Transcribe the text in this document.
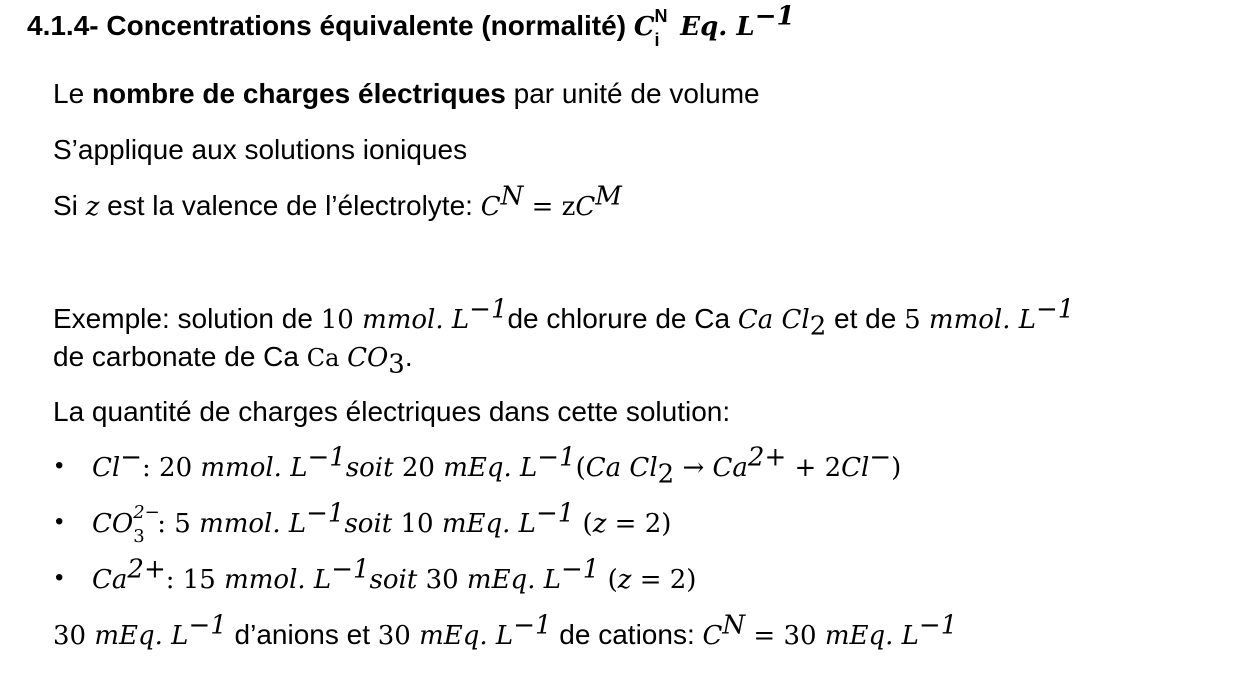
4.1.4- Concentrations équivalente (normalité) C N
i Eq. $L^{-1}$
Le nombre de charges électriques par unité de volume
S’applique aux solutions ioniques
Si z est la valence de l’électrolyte: $C^N = zC^M$
Exemple: solution de 10 mmol. $L^{-1}de$ chlorure de Ca Ca $Cl_2$ et de 5 mmol. $L^{-1}$
de carbonate de Ca Ca $CO_3$.
La quantité de charges électriques dans cette solution:
• Cl−: 20 mmol. $L^{-1}soit$ 20 mEq. $L^{-1}(Ca$ $Cl_2 \to Ca^{2+} + 2Cl^-$)
• CO 2−
3 : 5 mmol. $L^{-1}soit$ 10 mEq. $L^{-1}$ (z = 2)
• $Ca^{2+}$: 15 mmol. $L^{-1}soit$ 30 mEq. $L^{-1}$ (z = 2)
30 mEq. $L^{-1}$ d’anions et 30 mEq. $L^{-1}$ de cations: $C^N = 30$ mEq. $L^{-1}$
